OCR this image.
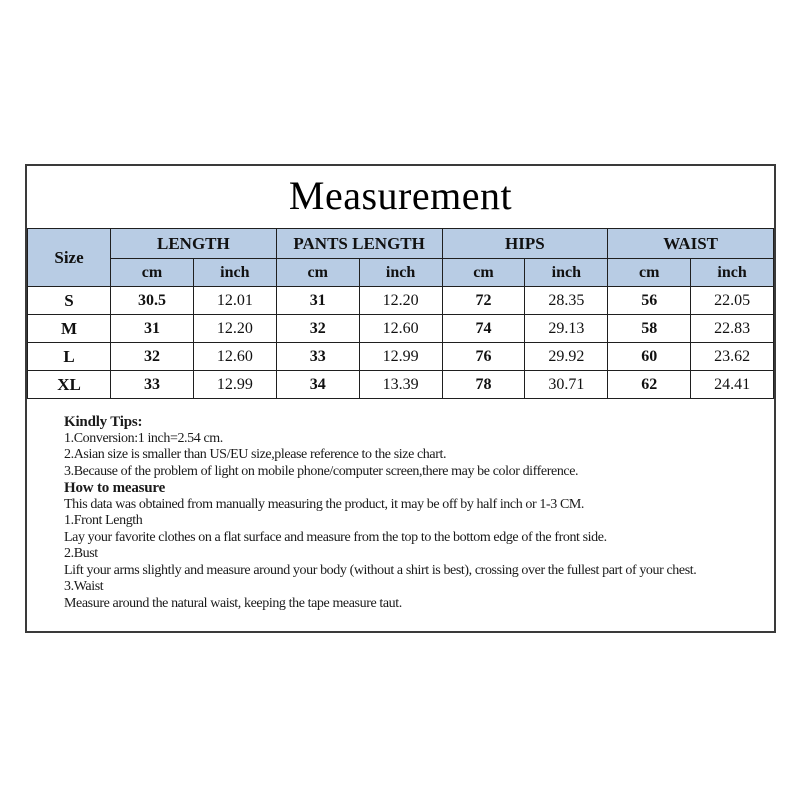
Measurement
Size	LENGTH		PANTS LENGTH		HIPS		WAIST	
	cm	inch	cm	inch	cm	inch	cm	inch
S	30.5	12.01	31	12.20	72	28.35	56	22.05
M	31	12.20	32	12.60	74	29.13	58	22.83
L	32	12.60	33	12.99	76	29.92	60	23.62
XL	33	12.99	34	13.39	78	30.71	62	24.41
Kindly Tips:
1.Conversion:1 inch=2.54 cm.
2.Asian size is smaller than US/EU size,please reference to the size chart.
3.Because of the problem of light on mobile phone/computer screen,there may be color difference.
How to measure
This data was obtained from manually measuring the product, it may be off by half inch or 1-3 CM.
1.Front Length
Lay your favorite clothes on a flat surface and measure from the top to the bottom edge of the front side.
2.Bust
Lift your arms slightly and measure around your body (without a shirt is best), crossing over the fullest part of your chest.
3.Waist
Measure around the natural waist, keeping the tape measure taut.
